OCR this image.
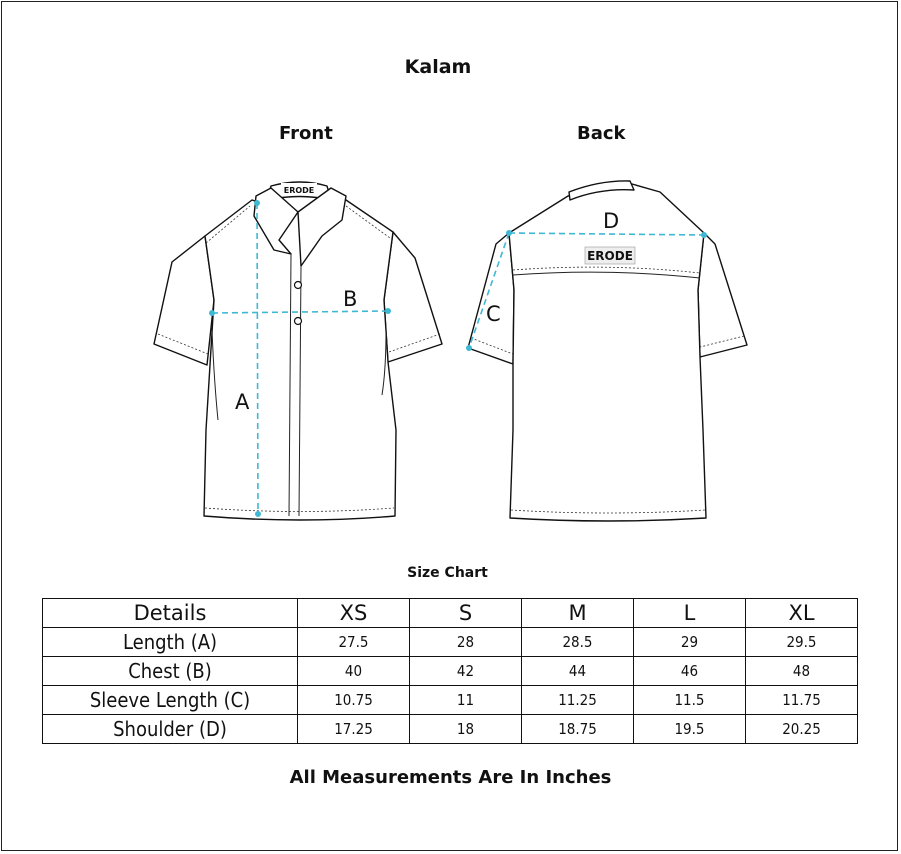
Kalam
Front	Back
ERODE
A
B
ERODE
D
C
Size Chart
Details	XS	S	M	L	XL
Length (A)	27.5	28	28.5	29	29.5
Chest (B)	40	42	44	46	48
Sleeve Length (C)	10.75	11	11.25	11.5	11.75
Shoulder (D)	17.25	18	18.75	19.5	20.25
All Measurements Are In Inches
